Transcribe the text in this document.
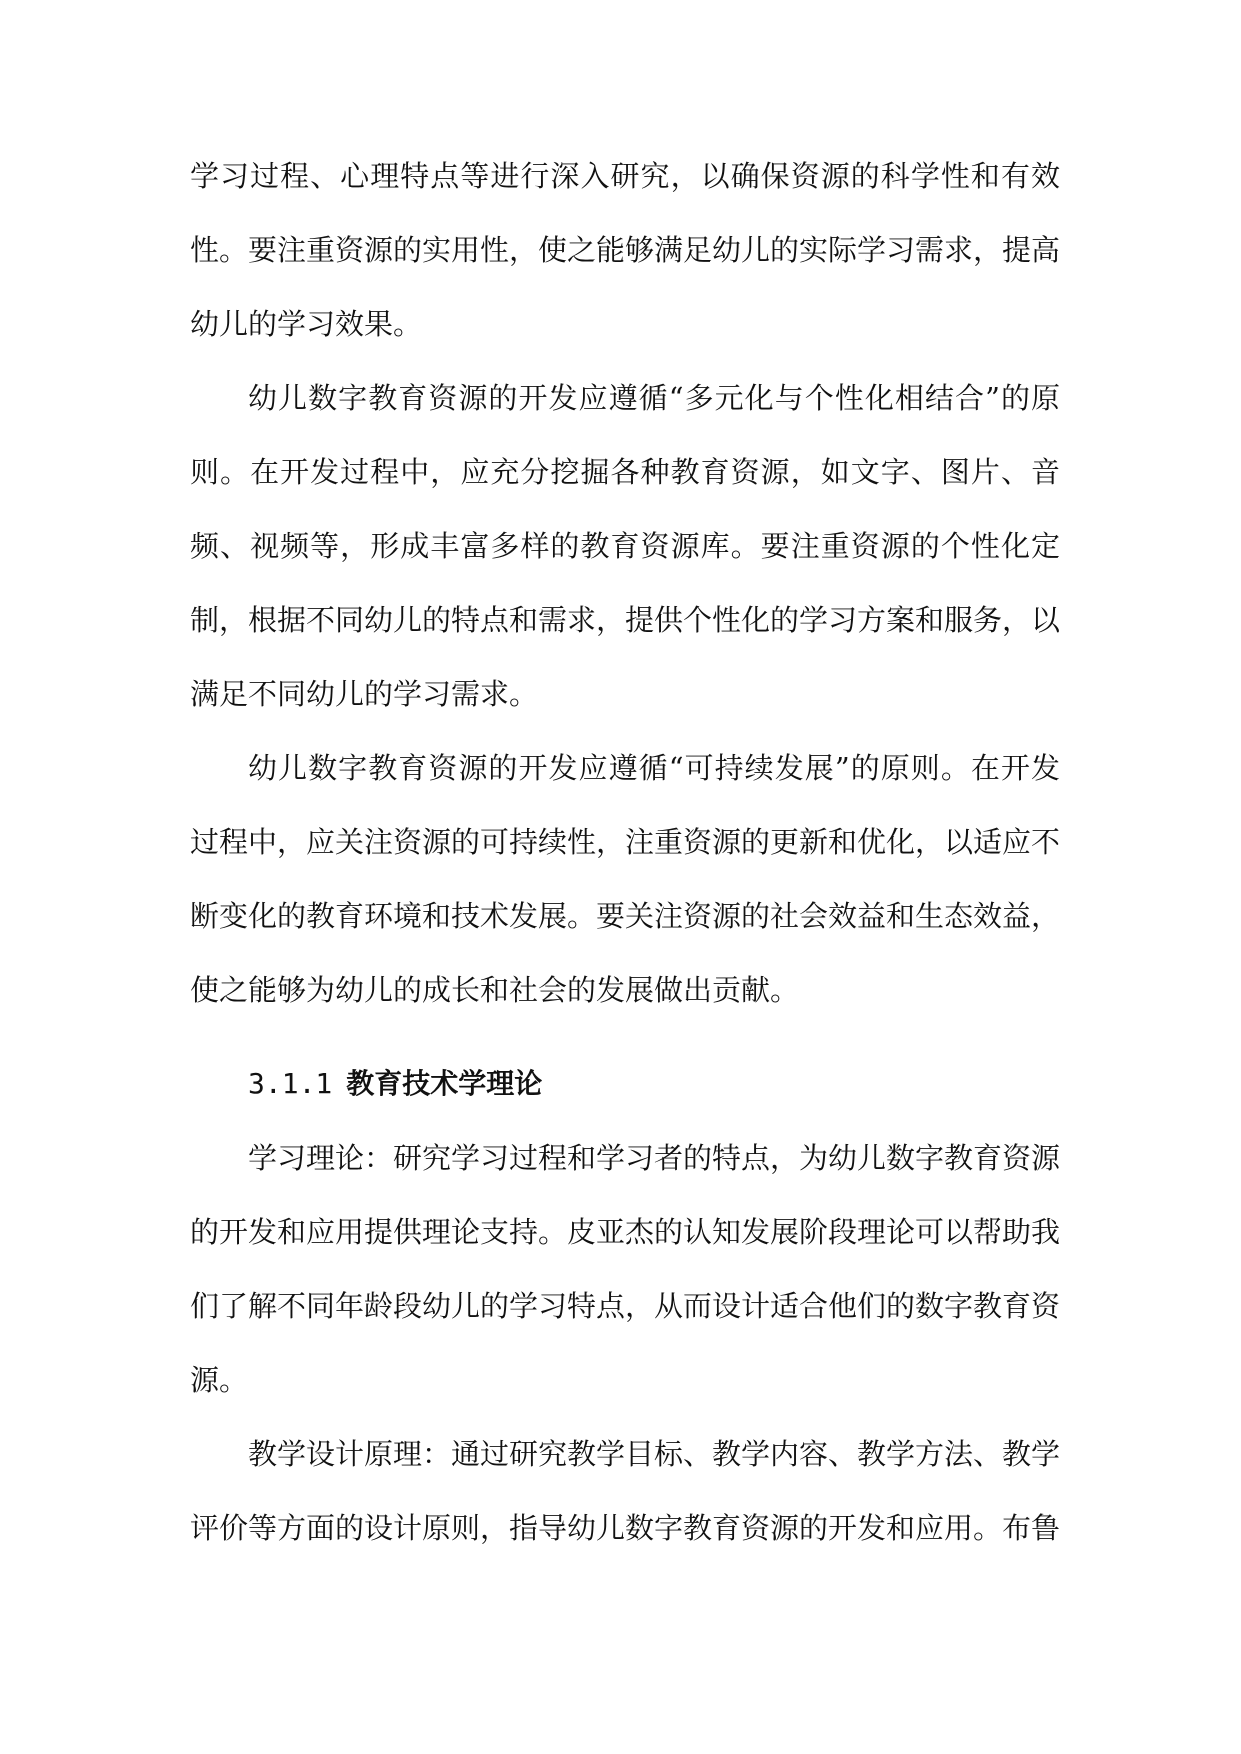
学习过程、心理特点等进行深入研究，以确保资源的科学性和有效性。要注重资源的实用性，使之能够满足幼儿的实际学习需求，提高幼儿的学习效果。

幼儿数字教育资源的开发应遵循“多元化与个性化相结合”的原则。在开发过程中，应充分挖掘各种教育资源，如文字、图片、音频、视频等，形成丰富多样的教育资源库。要注重资源的个性化定制，根据不同幼儿的特点和需求，提供个性化的学习方案和服务，以满足不同幼儿的学习需求。

幼儿数字教育资源的开发应遵循“可持续发展”的原则。在开发过程中，应关注资源的可持续性，注重资源的更新和优化，以适应不断变化的教育环境和技术发展。要关注资源的社会效益和生态效益，使之能够为幼儿的成长和社会的发展做出贡献。

3.1.1 教育技术学理论

学习理论：研究学习过程和学习者的特点，为幼儿数字教育资源的开发和应用提供理论支持。皮亚杰的认知发展阶段理论可以帮助我们了解不同年龄段幼儿的学习特点，从而设计适合他们的数字教育资源。

教学设计原理：通过研究教学目标、教学内容、教学方法、教学评价等方面的设计原则，指导幼儿数字教育资源的开发和应用。布鲁
